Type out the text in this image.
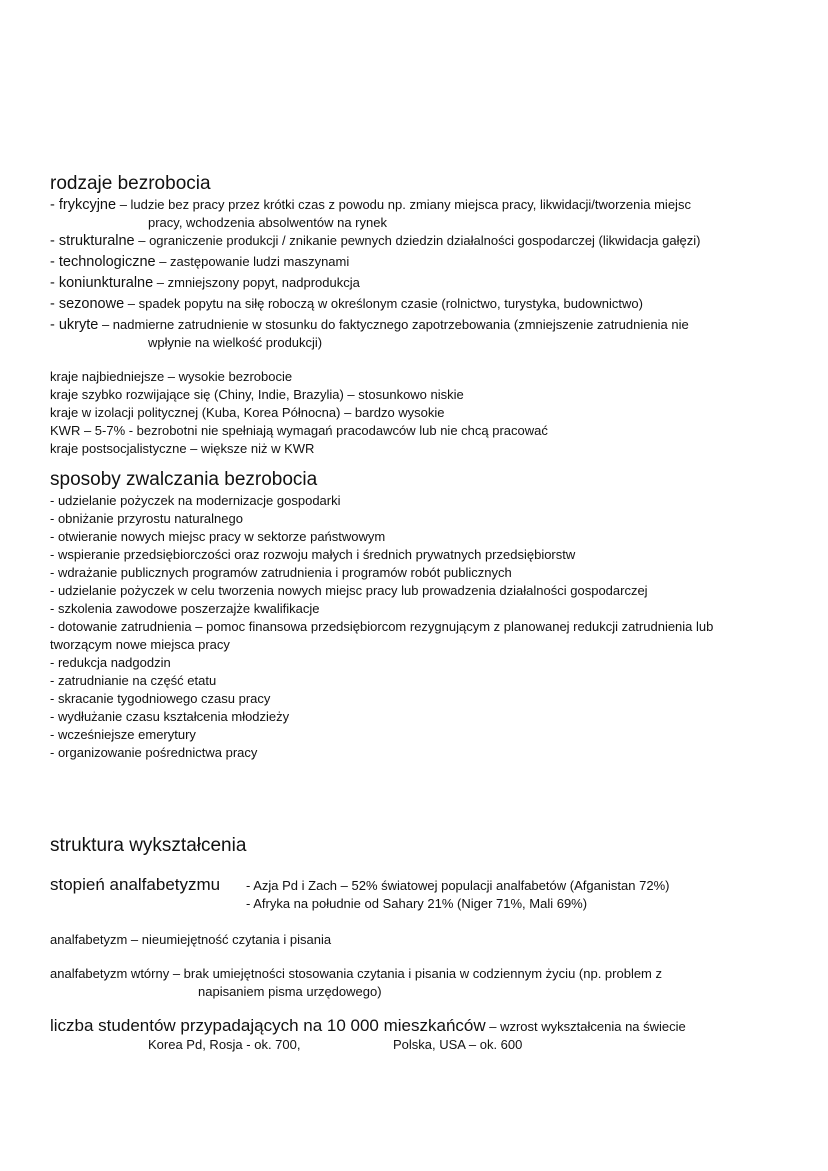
rodzaje bezrobocia
- frykcyjne – ludzie bez pracy przez krótki czas z powodu np. zmiany miejsca pracy, likwidacji/tworzenia miejsc
pracy, wchodzenia absolwentów na rynek
- strukturalne – ograniczenie produkcji / znikanie pewnych dziedzin działalności gospodarczej (likwidacja gałęzi)
- technologiczne – zastępowanie ludzi maszynami
- koniunkturalne – zmniejszony popyt, nadprodukcja
- sezonowe – spadek popytu na siłę roboczą w określonym czasie (rolnictwo, turystyka, budownictwo)
- ukryte – nadmierne zatrudnienie w stosunku do faktycznego zapotrzebowania (zmniejszenie zatrudnienia nie
wpłynie na wielkość produkcji)
kraje najbiedniejsze – wysokie bezrobocie
kraje szybko rozwijające się (Chiny, Indie, Brazylia) – stosunkowo niskie
kraje w izolacji politycznej (Kuba, Korea Północna) – bardzo wysokie
KWR – 5-7% - bezrobotni nie spełniają wymagań pracodawców lub nie chcą pracować
kraje postsocjalistyczne – większe niż w KWR
sposoby zwalczania bezrobocia
- udzielanie pożyczek na modernizacje gospodarki
- obniżanie przyrostu naturalnego
- otwieranie nowych miejsc pracy w sektorze państwowym
- wspieranie przedsiębiorczości oraz rozwoju małych i średnich prywatnych przedsiębiorstw
- wdrażanie publicznych programów zatrudnienia i programów robót publicznych
- udzielanie pożyczek w celu tworzenia nowych miejsc pracy lub prowadzenia działalności gospodarczej
- szkolenia zawodowe poszerzajże kwalifikacje
- dotowanie zatrudnienia – pomoc finansowa przedsiębiorcom rezygnującym z planowanej redukcji zatrudnienia lub
tworzącym nowe miejsca pracy
- redukcja nadgodzin
- zatrudnianie na część etatu
- skracanie tygodniowego czasu pracy
- wydłużanie czasu kształcenia młodzieży
- wcześniejsze emerytury
- organizowanie pośrednictwa pracy
struktura wykształcenia
stopień analfabetyzmu	- Azja Pd i Zach – 52% światowej populacji analfabetów (Afganistan 72%)
- Afryka na południe od Sahary 21% (Niger 71%, Mali 69%)
analfabetyzm – nieumiejętność czytania i pisania
analfabetyzm wtórny – brak umiejętności stosowania czytania i pisania w codziennym życiu (np. problem z
napisaniem pisma urzędowego)
liczba studentów przypadających na 10 000 mieszkańców – wzrost wykształcenia na świecie
Korea Pd, Rosja - ok. 700,	Polska, USA – ok. 600
